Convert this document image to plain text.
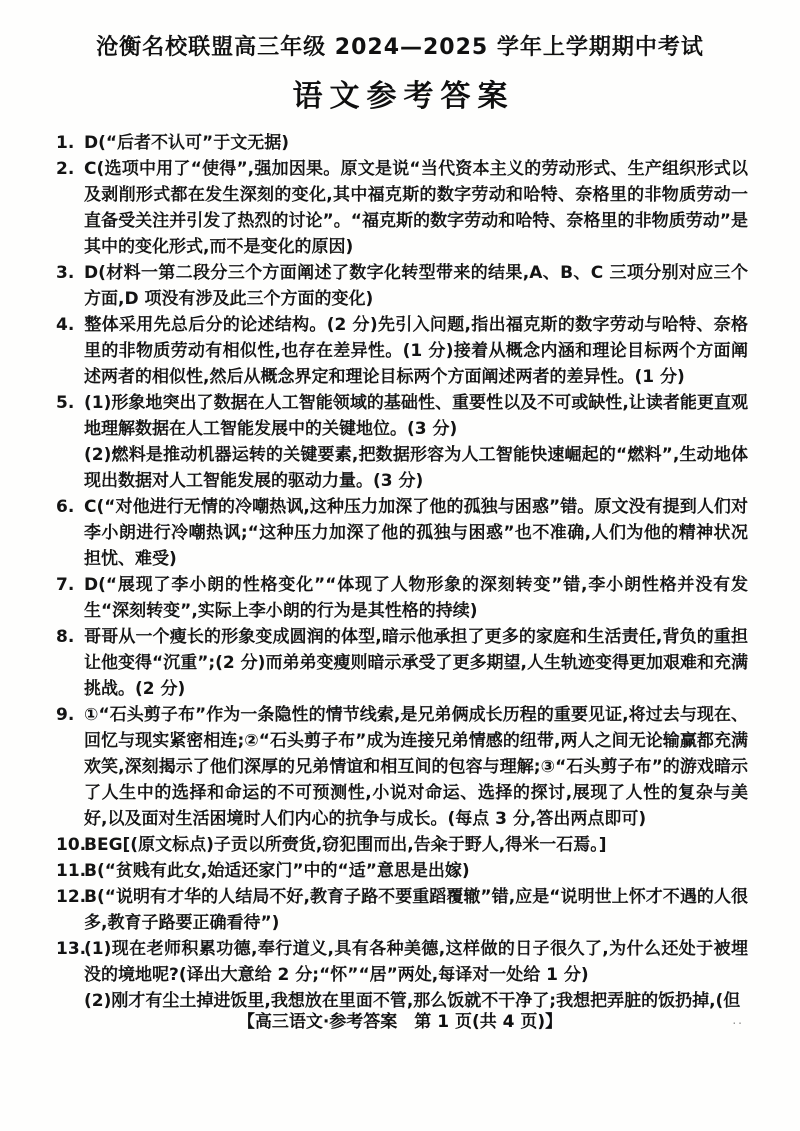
沧衡名校联盟高三年级 2024—2025 学年上学期期中考试
语文参考答案
1. D(“后者不认可”于文无据)
2. C(选项中用了“使得”,强加因果。原文是说“当代资本主义的劳动形式、生产组织形式以及剥削形式都在发生深刻的变化,其中福克斯的数字劳动和哈特、奈格里的非物质劳动一直备受关注并引发了热烈的讨论”。“福克斯的数字劳动和哈特、奈格里的非物质劳动”是其中的变化形式,而不是变化的原因)
3. D(材料一第二段分三个方面阐述了数字化转型带来的结果,A、B、C 三项分别对应三个方面,D 项没有涉及此三个方面的变化)
4. 整体采用先总后分的论述结构。(2 分)先引入问题,指出福克斯的数字劳动与哈特、奈格里的非物质劳动有相似性,也存在差异性。(1 分)接着从概念内涵和理论目标两个方面阐述两者的相似性,然后从概念界定和理论目标两个方面阐述两者的差异性。(1 分)
5. (1)形象地突出了数据在人工智能领域的基础性、重要性以及不可或缺性,让读者能更直观地理解数据在人工智能发展中的关键地位。(3 分)
(2)燃料是推动机器运转的关键要素,把数据形容为人工智能快速崛起的“燃料”,生动地体现出数据对人工智能发展的驱动力量。(3 分)
6. C(“对他进行无情的冷嘲热讽,这种压力加深了他的孤独与困惑”错。原文没有提到人们对李小朗进行冷嘲热讽;“这种压力加深了他的孤独与困惑”也不准确,人们为他的精神状况担忧、难受)
7. D(“展现了李小朗的性格变化”“体现了人物形象的深刻转变”错,李小朗性格并没有发生“深刻转变”,实际上李小朗的行为是其性格的持续)
8. 哥哥从一个瘦长的形象变成圆润的体型,暗示他承担了更多的家庭和生活责任,背负的重担让他变得“沉重”;(2 分)而弟弟变瘦则暗示承受了更多期望,人生轨迹变得更加艰难和充满挑战。(2 分)
9. ①“石头剪子布”作为一条隐性的情节线索,是兄弟俩成长历程的重要见证,将过去与现在、回忆与现实紧密相连;②“石头剪子布”成为连接兄弟情感的纽带,两人之间无论输赢都充满欢笑,深刻揭示了他们深厚的兄弟情谊和相互间的包容与理解;③“石头剪子布”的游戏暗示了人生中的选择和命运的不可预测性,小说对命运、选择的探讨,展现了人性的复杂与美好,以及面对生活困境时人们内心的抗争与成长。(每点 3 分,答出两点即可)
10.BEG[(原文标点)子贡以所赍货,窃犯围而出,告籴于野人,得米一石焉。]
11.B(“贫贱有此女,始适还家门”中的“适”意思是出嫁)
12.B(“说明有才华的人结局不好,教育子路不要重蹈覆辙”错,应是“说明世上怀才不遇的人很多,教育子路要正确看待”)
13.(1)现在老师积累功德,奉行道义,具有各种美德,这样做的日子很久了,为什么还处于被埋没的境地呢?(译出大意给 2 分;“怀”“居”两处,每译对一处给 1 分)
(2)刚才有尘土掉进饭里,我想放在里面不管,那么饭就不干净了;我想把弄脏的饭扔掉,(但
【高三语文·参考答案　第 1 页(共 4 页)】	..
